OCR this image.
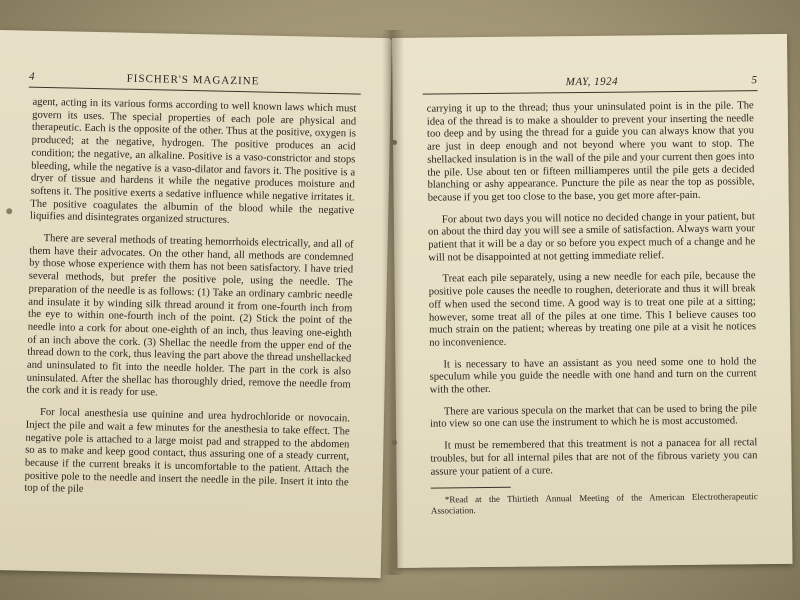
4	FISCHER'S MAGAZINE

agent, acting in its various forms according to well known laws which must govern its uses. The special properties of each pole are physical and therapeutic. Each is the opposite of the other. Thus at the positive, oxygen is produced; at the negative, hydrogen. The positive produces an acid condition; the negative, an alkaline. Positive is a vaso-constrictor and stops bleeding, while the negative is a vaso-dilator and favors it. The positive is a dryer of tissue and hardens it while the negative produces moisture and softens it. The positive exerts a sedative influence while negative irritates it. The positive coagulates the albumin of the blood while the negative liquifies and disintegrates organized structures.

There are several methods of treating hemorrhoids electrically, and all of them have their advocates. On the other hand, all methods are condemned by those whose experience with them has not been satisfactory. I have tried several methods, but prefer the positive pole, using the needle. The preparation of the needle is as follows: (1) Take an ordinary cambric needle and insulate it by winding silk thread around it from one-fourth inch from the eye to within one-fourth inch of the point. (2) Stick the point of the needle into a cork for about one-eighth of an inch, thus leaving one-eighth of an inch above the cork. (3) Shellac the needle from the upper end of the thread down to the cork, thus leaving the part above the thread unshellacked and uninsulated to fit into the needle holder. The part in the cork is also uninsulated. After the shellac has thoroughly dried, remove the needle from the cork and it is ready for use.

For local anesthesia use quinine and urea hydrochloride or novocain. Inject the pile and wait a few minutes for the anesthesia to take effect. The negative pole is attached to a large moist pad and strapped to the abdomen so as to make and keep good contact, thus assuring one of a steady current, because if the current breaks it is uncomfortable to the patient. Attach the positive pole to the needle and insert the needle in the pile. Insert it into the top of the pile

MAY, 1924	5

carrying it up to the thread; thus your uninsulated point is in the pile. The idea of the thread is to make a shoulder to prevent your inserting the needle too deep and by using the thread for a guide you can always know that you are just in deep enough and not beyond where you want to stop. The shellacked insulation is in the wall of the pile and your current then goes into the pile. Use about ten or fifteen milliamperes until the pile gets a decided blanching or ashy appearance. Puncture the pile as near the top as possible, because if you get too close to the base, you get more after-pain.

For about two days you will notice no decided change in your patient, but on about the third day you will see a smile of satisfaction. Always warn your patient that it will be a day or so before you expect much of a change and he will not be disappointed at not getting immediate relief.

Treat each pile separately, using a new needle for each pile, because the positive pole causes the needle to roughen, deteriorate and thus it will break off when used the second time. A good way is to treat one pile at a sitting; however, some treat all of the piles at one time. This I believe causes too much strain on the patient; whereas by treating one pile at a visit he notices no inconvenience.

It is necessary to have an assistant as you need some one to hold the speculum while you guide the needle with one hand and turn on the current with the other.

There are various specula on the market that can be used to bring the pile into view so one can use the instrument to which he is most accustomed.

It must be remembered that this treatment is not a panacea for all rectal troubles, but for all internal piles that are not of the fibrous variety you can assure your patient of a cure.

*Read at the Thirtieth Annual Meeting of the American Electrotherapeutic Association.
